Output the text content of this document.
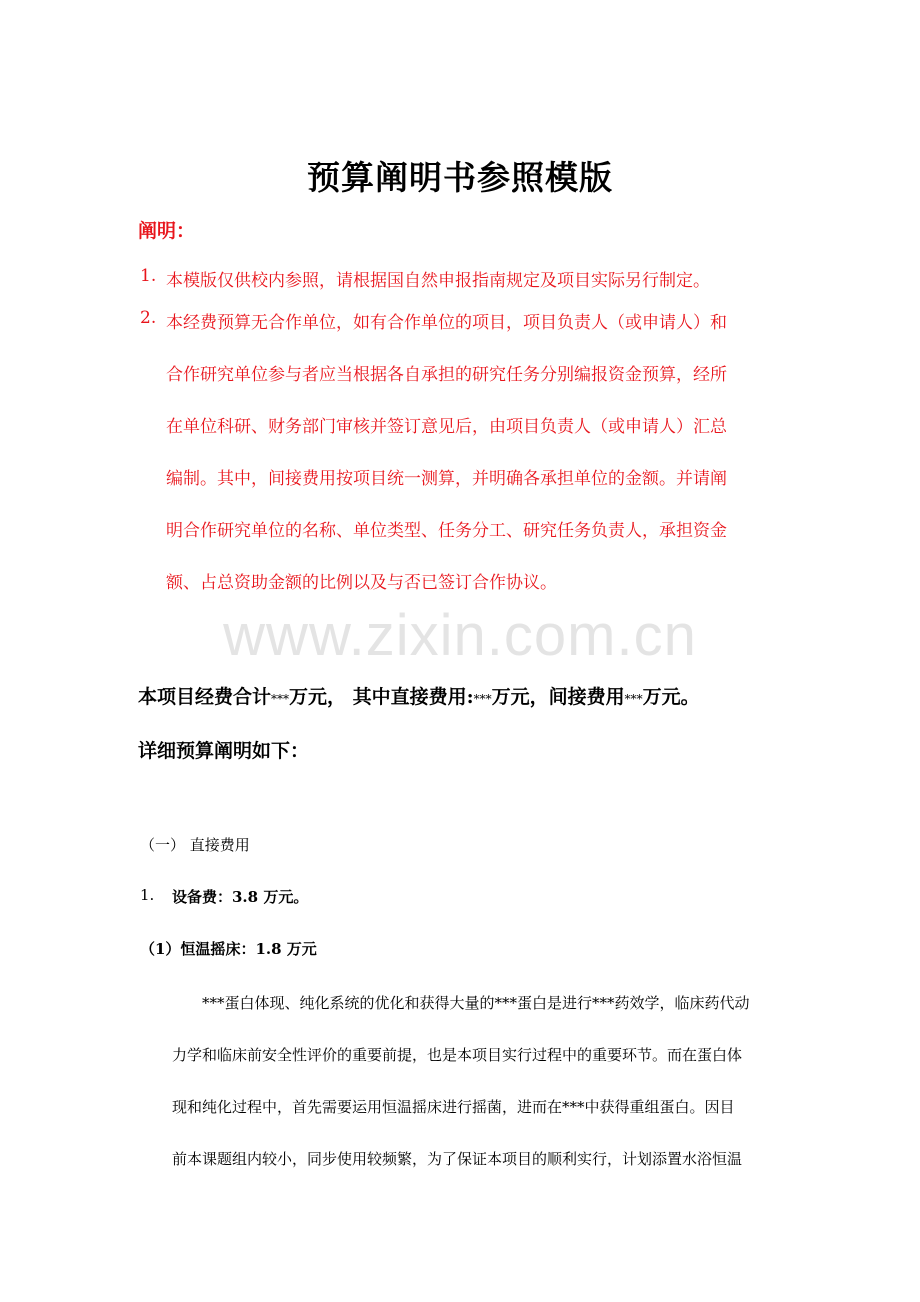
预算阐明书参照模版
阐明：
1. 本模版仅供校内参照，请根据国自然申报指南规定及项目实际另行制定。
2. 本经费预算无合作单位，如有合作单位的项目，项目负责人（或申请人）和
合作研究单位参与者应当根据各自承担的研究任务分别编报资金预算，经所
在单位科研、财务部门审核并签订意见后，由项目负责人（或申请人）汇总
编制。其中，间接费用按项目统一测算，并明确各承担单位的金额。并请阐
明合作研究单位的名称、单位类型、任务分工、研究任务负责人，承担资金
额、占总资助金额的比例以及与否已签订合作协议。
www.zixin.com.cn
本项目经费合计***万元， 其中直接费用:***万元，间接费用***万元。
详细预算阐明如下：
（一） 直接费用
1. 设备费：3.8 万元。
（1）恒温摇床：1.8 万元
***蛋白体现、纯化系统的优化和获得大量的***蛋白是进行***药效学，临床药代动
力学和临床前安全性评价的重要前提，也是本项目实行过程中的重要环节。而在蛋白体
现和纯化过程中，首先需要运用恒温摇床进行摇菌，进而在***中获得重组蛋白。因目
前本课题组内较小，同步使用较频繁，为了保证本项目的顺利实行，计划添置水浴恒温
